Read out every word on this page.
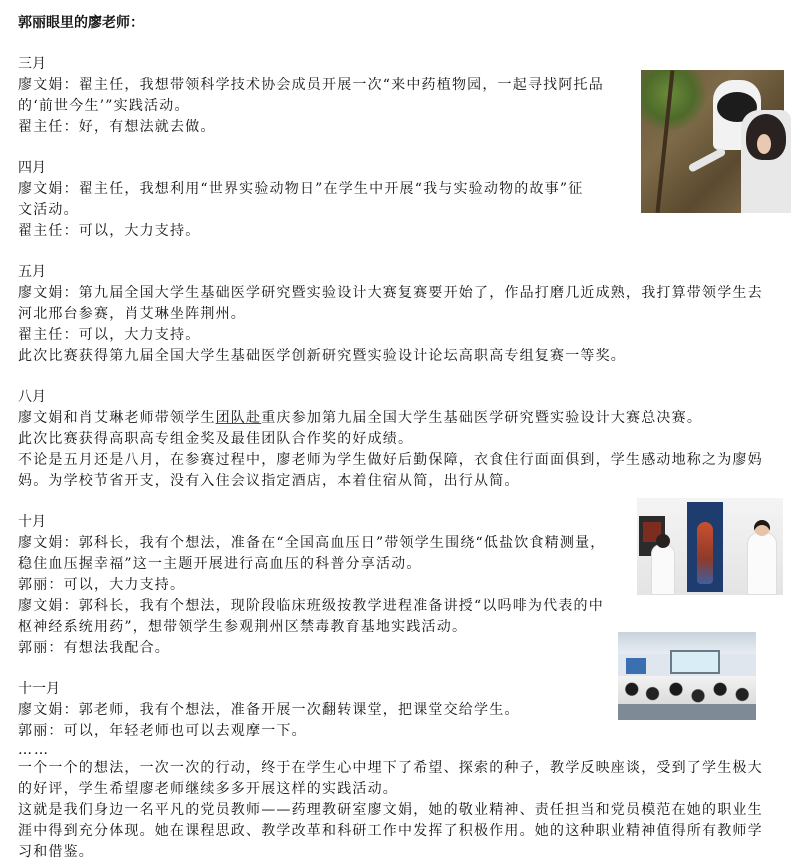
郭丽眼里的廖老师：
三月
廖文娟：翟主任，我想带领科学技术协会成员开展一次“来中药植物园，一起寻找阿托品
的‘前世今生’”实践活动。
翟主任：好，有想法就去做。
四月
廖文娟：翟主任，我想利用“世界实验动物日”在学生中开展“我与实验动物的故事”征
文活动。
翟主任：可以，大力支持。
五月
廖文娟：第九届全国大学生基础医学研究暨实验设计大赛复赛要开始了，作品打磨几近成熟，我打算带领学生去
河北邢台参赛，肖艾琳坐阵荆州。
翟主任：可以，大力支持。
此次比赛获得第九届全国大学生基础医学创新研究暨实验设计论坛高职高专组复赛一等奖。
八月
廖文娟和肖艾琳老师带领学生团队赴重庆参加第九届全国大学生基础医学研究暨实验设计大赛总决赛。
此次比赛获得高职高专组金奖及最佳团队合作奖的好成绩。
不论是五月还是八月，在参赛过程中，廖老师为学生做好后勤保障，衣食住行面面俱到，学生感动地称之为廖妈
妈。为学校节省开支，没有入住会议指定酒店，本着住宿从简，出行从简。
十月
廖文娟：郭科长，我有个想法，准备在“全国高血压日”带领学生围绕“低盐饮食精测量，
稳住血压握幸福”这一主题开展进行高血压的科普分享活动。
郭丽：可以，大力支持。
廖文娟：郭科长，我有个想法，现阶段临床班级按教学进程准备讲授“以吗啡为代表的中
枢神经系统用药”，想带领学生参观荆州区禁毒教育基地实践活动。
郭丽：有想法我配合。
十一月
廖文娟：郭老师，我有个想法，准备开展一次翻转课堂，把课堂交给学生。
郭丽：可以，年轻老师也可以去观摩一下。
……
一个一个的想法，一次一次的行动，终于在学生心中埋下了希望、探索的种子，教学反映座谈，受到了学生极大
的好评，学生希望廖老师继续多多开展这样的实践活动。
这就是我们身边一名平凡的党员教师——药理教研室廖文娟，她的敬业精神、责任担当和党员模范在她的职业生
涯中得到充分体现。她在课程思政、教学改革和科研工作中发挥了积极作用。她的这种职业精神值得所有教师学
习和借鉴。
